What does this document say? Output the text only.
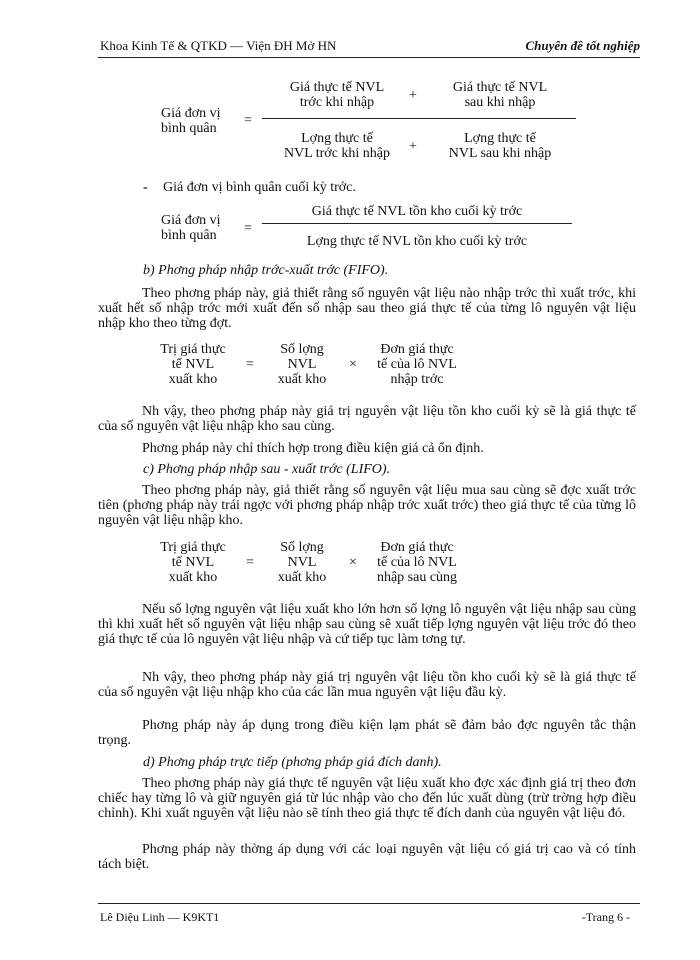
Khoa Kinh Tế & QTKD — Viện ĐH Mở HN	Chuyên đề tốt nghiệp
Giá đơn vị
bình quân
=
Giá thực tế NVL
trớc khi nhập	+
Giá thực tế NVL
sau khi nhập
Lợng thực tế
NVL trớc khi nhập	+
Lợng thực tế
NVL sau khi nhập
- Giá đơn vị bình quân cuối kỳ trớc.
Giá đơn vị
bình quân =
Giá thực tế NVL tồn kho cuối kỳ trớc
Lợng thực tế NVL tồn kho cuối kỳ trớc
b) Phơng pháp nhập trớc-xuất trớc (FIFO).
Theo phơng pháp này, giả thiết rằng số nguyên vật liệu nào nhập trớc thì xuất trớc, khi xuất hết số nhập trớc mới xuất đến số nhập sau theo giá thực tế của từng lô nguyên vật liệu nhập kho theo từng đợt.
Trị giá thực
tế NVL
xuất kho
=
Số lợng
NVL
xuất kho
×
Đơn giá thực
tế của lô NVL
nhập trớc
Nh vậy, theo phơng pháp này giá trị nguyên vật liệu tồn kho cuối kỳ sẽ là giá thực tế của số nguyên vật liệu nhập kho sau cùng.
Phơng pháp này chỉ thích hợp trong điều kiện giá cả ổn định.
c) Phơng pháp nhập sau - xuất trớc (LIFO).
Theo phơng pháp này, giả thiết rằng số nguyên vật liệu mua sau cùng sẽ đợc xuất trớc tiên (phơng pháp này trái ngợc với phơng pháp nhập trớc xuất trớc) theo giá thực tế của từng lô nguyên vật liệu nhập kho.
Trị giá thực
tế NVL
xuất kho
=
Số lợng
NVL
xuất kho
×
Đơn giá thực
tế của lô NVL
nhập sau cùng
Nếu số lợng nguyên vật liệu xuất kho lớn hơn số lợng lô nguyên vật liệu nhập sau cùng thì khi xuất hết số nguyên vật liệu nhập sau cùng sẽ xuất tiếp lợng nguyên vật liệu trớc đó theo giá thực tế của lô nguyên vật liệu nhập và cứ tiếp tục làm tơng tự.
Nh vậy, theo phơng pháp này giá trị nguyên vật liệu tồn kho cuối kỳ sẽ là giá thực tế của số nguyên vật liệu nhập kho của các lần mua nguyên vật liệu đầu kỳ.
Phơng pháp này áp dụng trong điều kiện lạm phát sẽ đảm bảo đợc nguyên tắc thận trọng.
d) Phơng pháp trực tiếp (phơng pháp giá đích danh).
Theo phơng pháp này giá thực tế nguyên vật liệu xuất kho đợc xác định giá trị theo đơn chiếc hay từng lô và giữ nguyên giá từ lúc nhập vào cho đến lúc xuất dùng (trừ trờng hợp điều chỉnh). Khi xuất nguyên vật liệu nào sẽ tính theo giá thực tế đích danh của nguyên vật liệu đó.
Phơng pháp này thờng áp dụng với các loại nguyên vật liệu có giá trị cao và có tính tách biệt.
Lê Diệu Linh — K9KT1	-Trang 6 -
